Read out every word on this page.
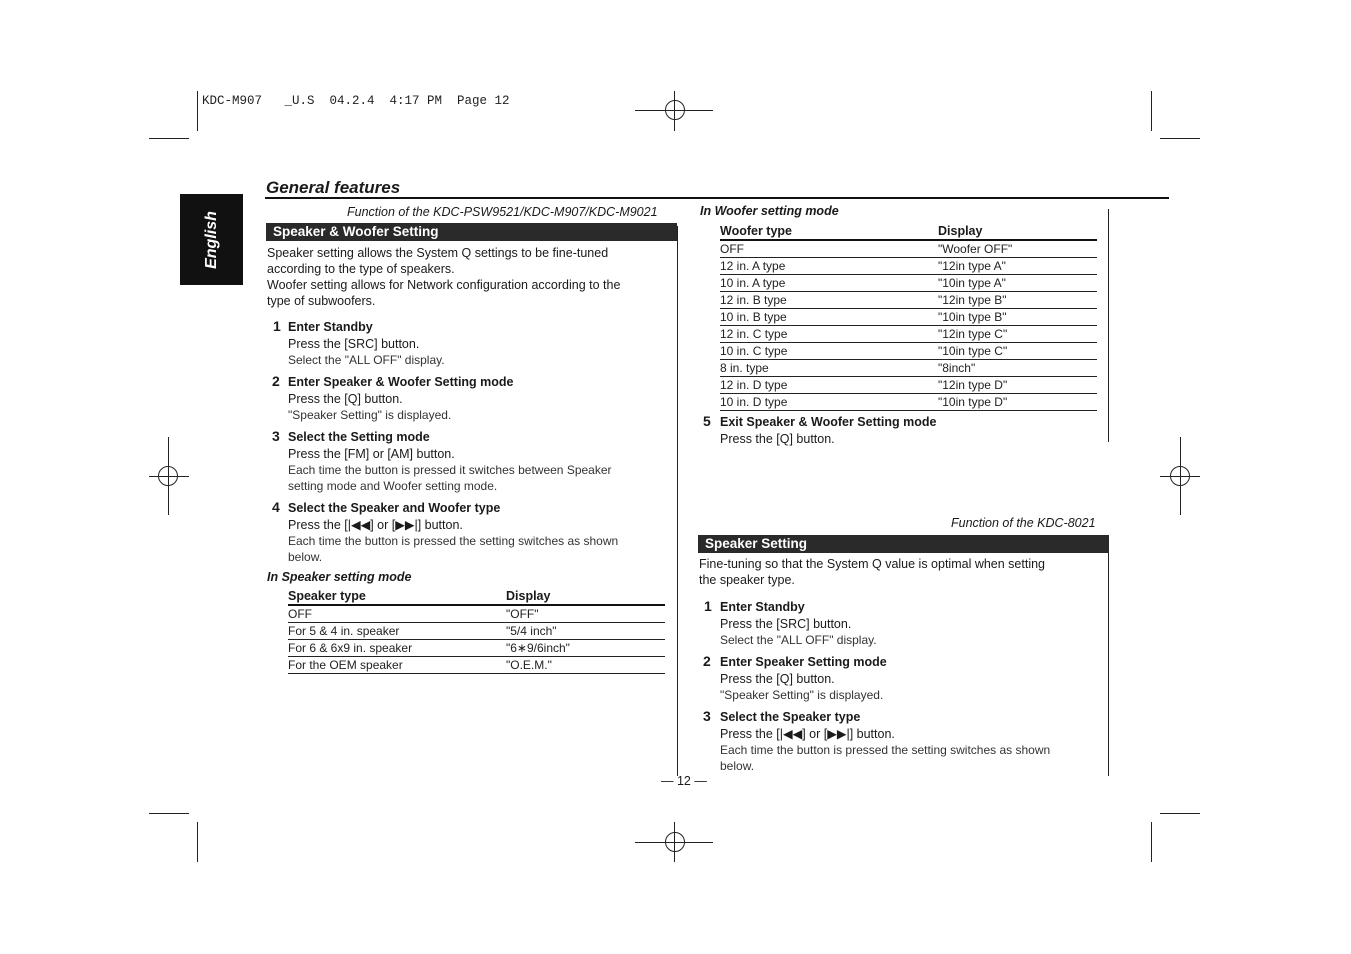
KDC-M907   _U.S  04.2.4  4:17 PM  Page 12
English
General features
Function of the KDC-PSW9521/KDC-M907/KDC-M9021
Speaker & Woofer Setting
Speaker setting allows the System Q settings to be fine-tuned
according to the type of speakers.
Woofer setting allows for Network configuration according to the
type of subwoofers.
1 Enter Standby
Press the [SRC] button.
Select the "ALL OFF" display.
2 Enter Speaker & Woofer Setting mode
Press the [Q] button.
"Speaker Setting" is displayed.
3 Select the Setting mode
Press the [FM] or [AM] button.
Each time the button is pressed it switches between Speaker
setting mode and Woofer setting mode.
4 Select the Speaker and Woofer type
Press the [|◀◀] or [▶▶|] button.
Each time the button is pressed the setting switches as shown
below.
In Speaker setting mode
Speaker type	Display
OFF	"OFF"
For 5 & 4 in. speaker	"5/4 inch"
For 6 & 6x9 in. speaker	"6∗9/6inch"
For the OEM speaker	"O.E.M."
In Woofer setting mode
Woofer type	Display
OFF	"Woofer OFF"
12 in. A type	"12in type A"
10 in. A type	"10in type A"
12 in. B type	"12in type B"
10 in. B type	"10in type B"
12 in. C type	"12in type C"
10 in. C type	"10in type C"
8 in. type	"8inch"
12 in. D type	"12in type D"
10 in. D type	"10in type D"
5 Exit Speaker & Woofer Setting mode
Press the [Q] button.
Function of the KDC-8021
Speaker Setting
Fine-tuning so that the System Q value is optimal when setting
the speaker type.
1 Enter Standby
Press the [SRC] button.
Select the "ALL OFF" display.
2 Enter Speaker Setting mode
Press the [Q] button.
"Speaker Setting" is displayed.
3 Select the Speaker type
Press the [|◀◀] or [▶▶|] button.
Each time the button is pressed the setting switches as shown
below.
— 12 —
